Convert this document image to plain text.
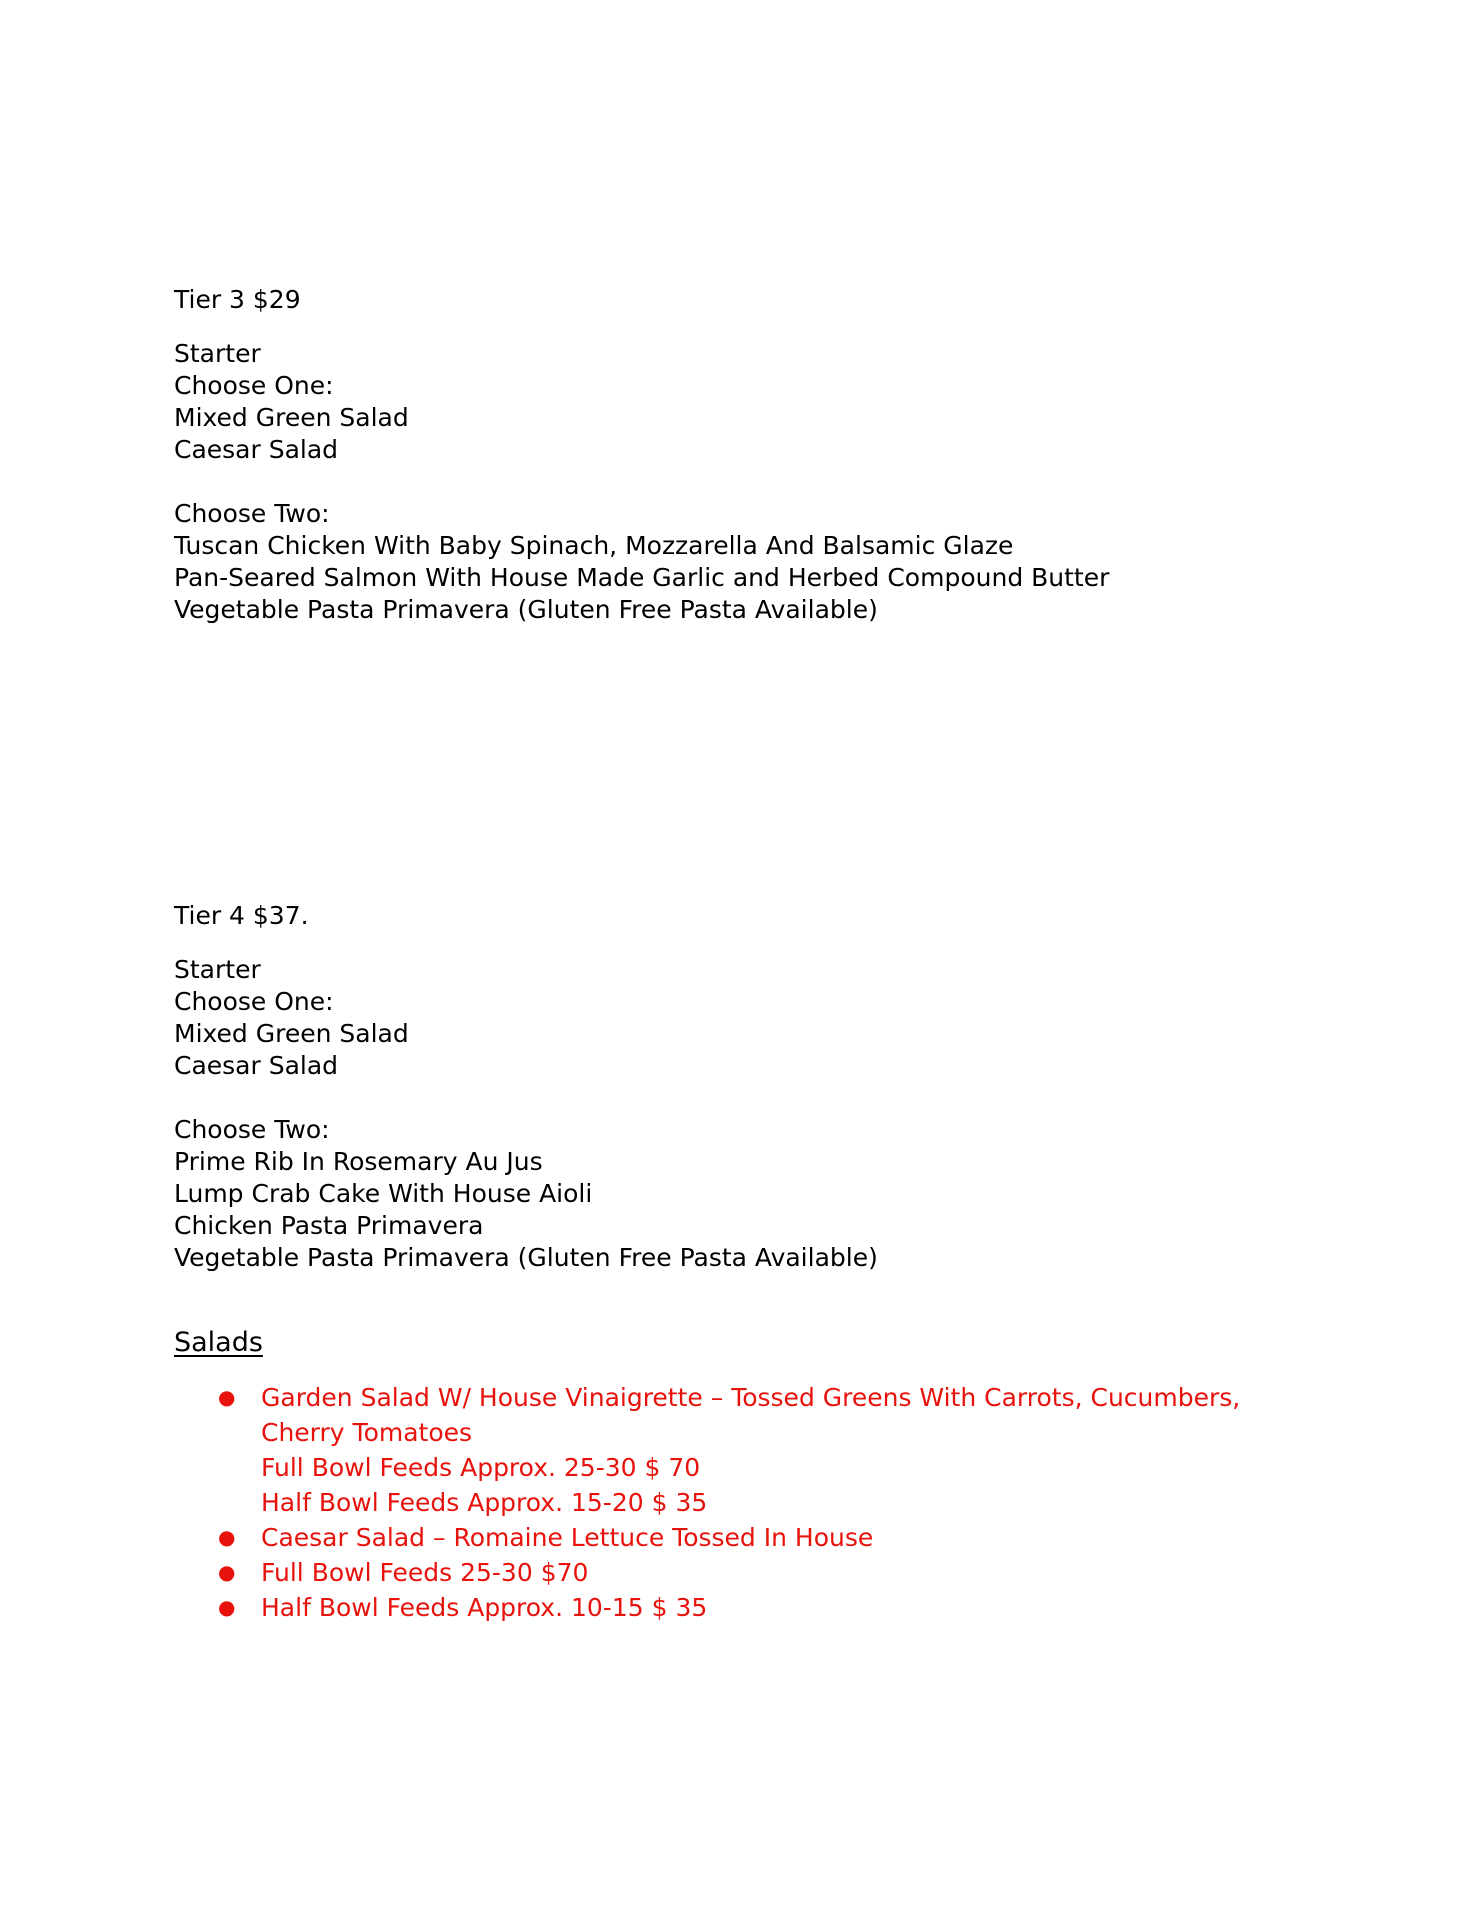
Tier 3 $29
Starter
Choose One:
Mixed Green Salad
Caesar Salad
Choose Two:
Tuscan Chicken With Baby Spinach, Mozzarella And Balsamic Glaze
Pan-Seared Salmon With House Made Garlic and Herbed Compound Butter
Vegetable Pasta Primavera (Gluten Free Pasta Available)
Tier 4 $37.
Starter
Choose One:
Mixed Green Salad
Caesar Salad
Choose Two:
Prime Rib In Rosemary Au Jus
Lump Crab Cake With House Aioli
Chicken Pasta Primavera
Vegetable Pasta Primavera (Gluten Free Pasta Available)
Salads
● Garden Salad W/ House Vinaigrette – Tossed Greens With Carrots, Cucumbers, Cherry Tomatoes
Full Bowl Feeds Approx. 25-30 $ 70
Half Bowl Feeds Approx. 15-20 $ 35
● Caesar Salad – Romaine Lettuce Tossed In House
● Full Bowl Feeds 25-30 $70
● Half Bowl Feeds Approx. 10-15 $ 35
